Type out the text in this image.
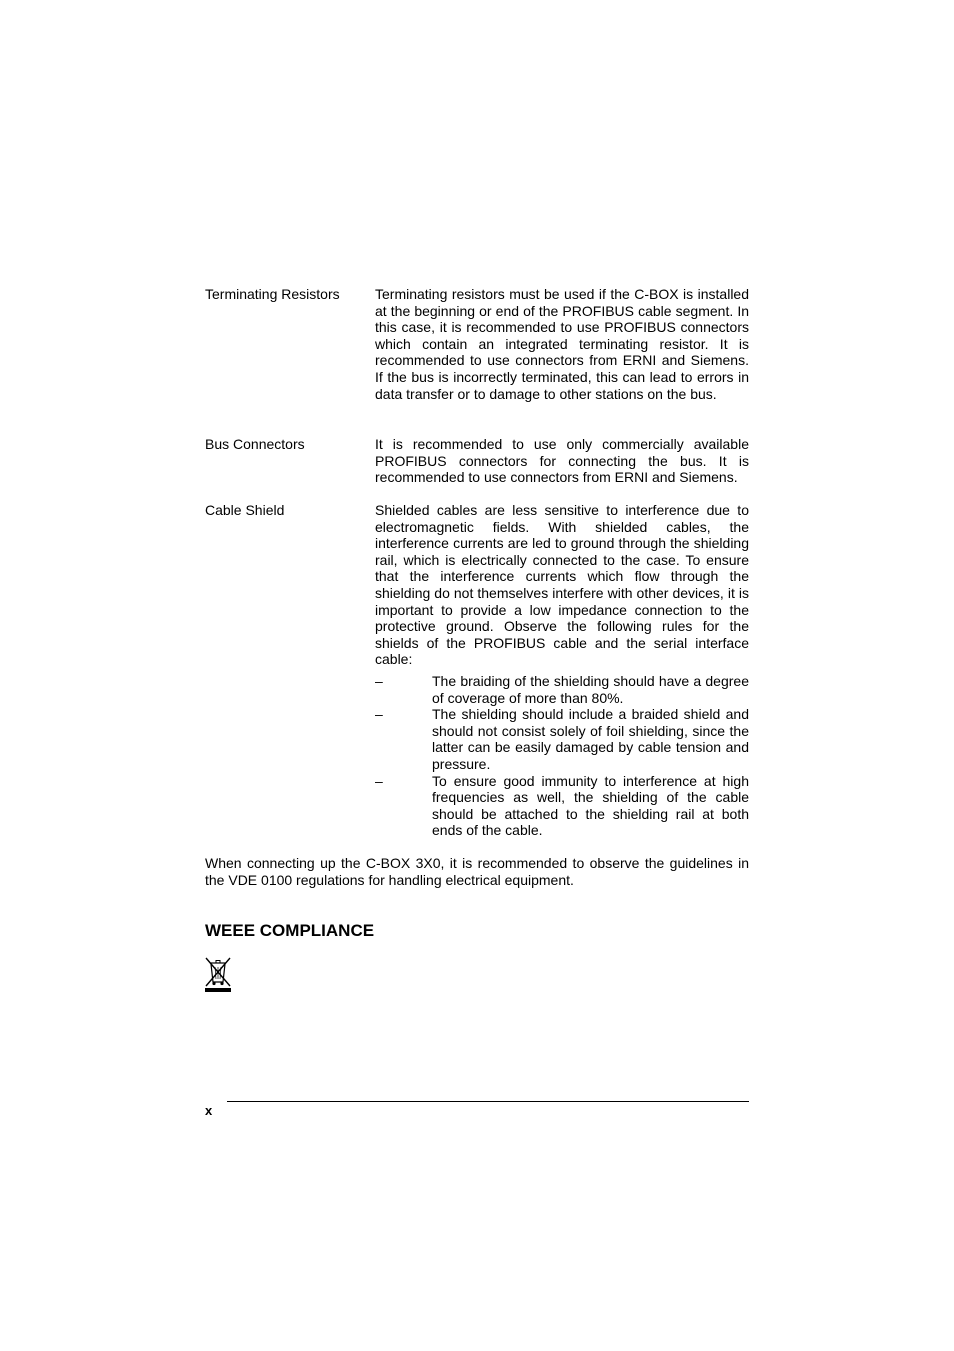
Terminating Resistors	Terminating resistors must be used if the C-BOX is installed at the beginning or end of the PROFIBUS cable segment. In this case, it is recommended to use PROFIBUS connectors which contain an integrated terminating resistor. It is recommended to use connectors from ERNI and Siemens. If the bus is incorrectly terminated, this can lead to errors in data transfer or to damage to other stations on the bus.

Bus Connectors	It is recommended to use only commercially available PROFIBUS connectors for connecting the bus. It is recommended to use connectors from ERNI and Siemens.

Cable Shield	Shielded cables are less sensitive to interference due to electromagnetic fields. With shielded cables, the interference currents are led to ground through the shielding rail, which is electrically connected to the case. To ensure that the interference currents which flow through the shielding do not themselves interfere with other devices, it is important to provide a low impedance connection to the protective ground. Observe the following rules for the shields of the PROFIBUS cable and the serial interface cable:

–	The braiding of the shielding should have a degree of coverage of more than 80%.
–	The shielding should include a braided shield and should not consist solely of foil shielding, since the latter can be easily damaged by cable tension and pressure.
–	To ensure good immunity to interference at high frequencies as well, the shielding of the cable should be attached to the shielding rail at both ends of the cable.
When connecting up the C-BOX 3X0, it is recommended to observe the guidelines in the VDE 0100 regulations for handling electrical equipment.
WEEE COMPLIANCE
x
